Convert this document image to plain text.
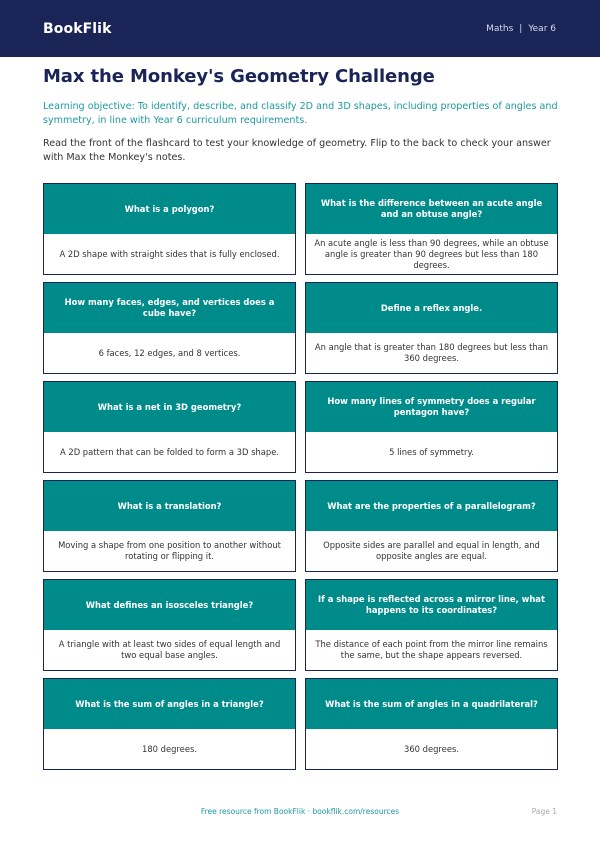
BookFlik	Maths | Year 6
Max the Monkey's Geometry Challenge

Learning objective: To identify, describe, and classify 2D and 3D shapes, including properties of angles and symmetry, in line with Year 6 curriculum requirements.

Read the front of the flashcard to test your knowledge of geometry. Flip to the back to check your answer with Max the Monkey's notes.

What is a polygon?
A 2D shape with straight sides that is fully enclosed.
What is the difference between an acute angle and an obtuse angle?
An acute angle is less than 90 degrees, while an obtuse angle is greater than 90 degrees but less than 180 degrees.
How many faces, edges, and vertices does a cube have?
6 faces, 12 edges, and 8 vertices.
Define a reflex angle.
An angle that is greater than 180 degrees but less than 360 degrees.
What is a net in 3D geometry?
A 2D pattern that can be folded to form a 3D shape.
How many lines of symmetry does a regular pentagon have?
5 lines of symmetry.
What is a translation?
Moving a shape from one position to another without rotating or flipping it.
What are the properties of a parallelogram?
Opposite sides are parallel and equal in length, and opposite angles are equal.
What defines an isosceles triangle?
A triangle with at least two sides of equal length and two equal base angles.
If a shape is reflected across a mirror line, what happens to its coordinates?
The distance of each point from the mirror line remains the same, but the shape appears reversed.
What is the sum of angles in a triangle?
180 degrees.
What is the sum of angles in a quadrilateral?
360 degrees.
Free resource from BookFlik · bookflik.com/resources	Page 1
